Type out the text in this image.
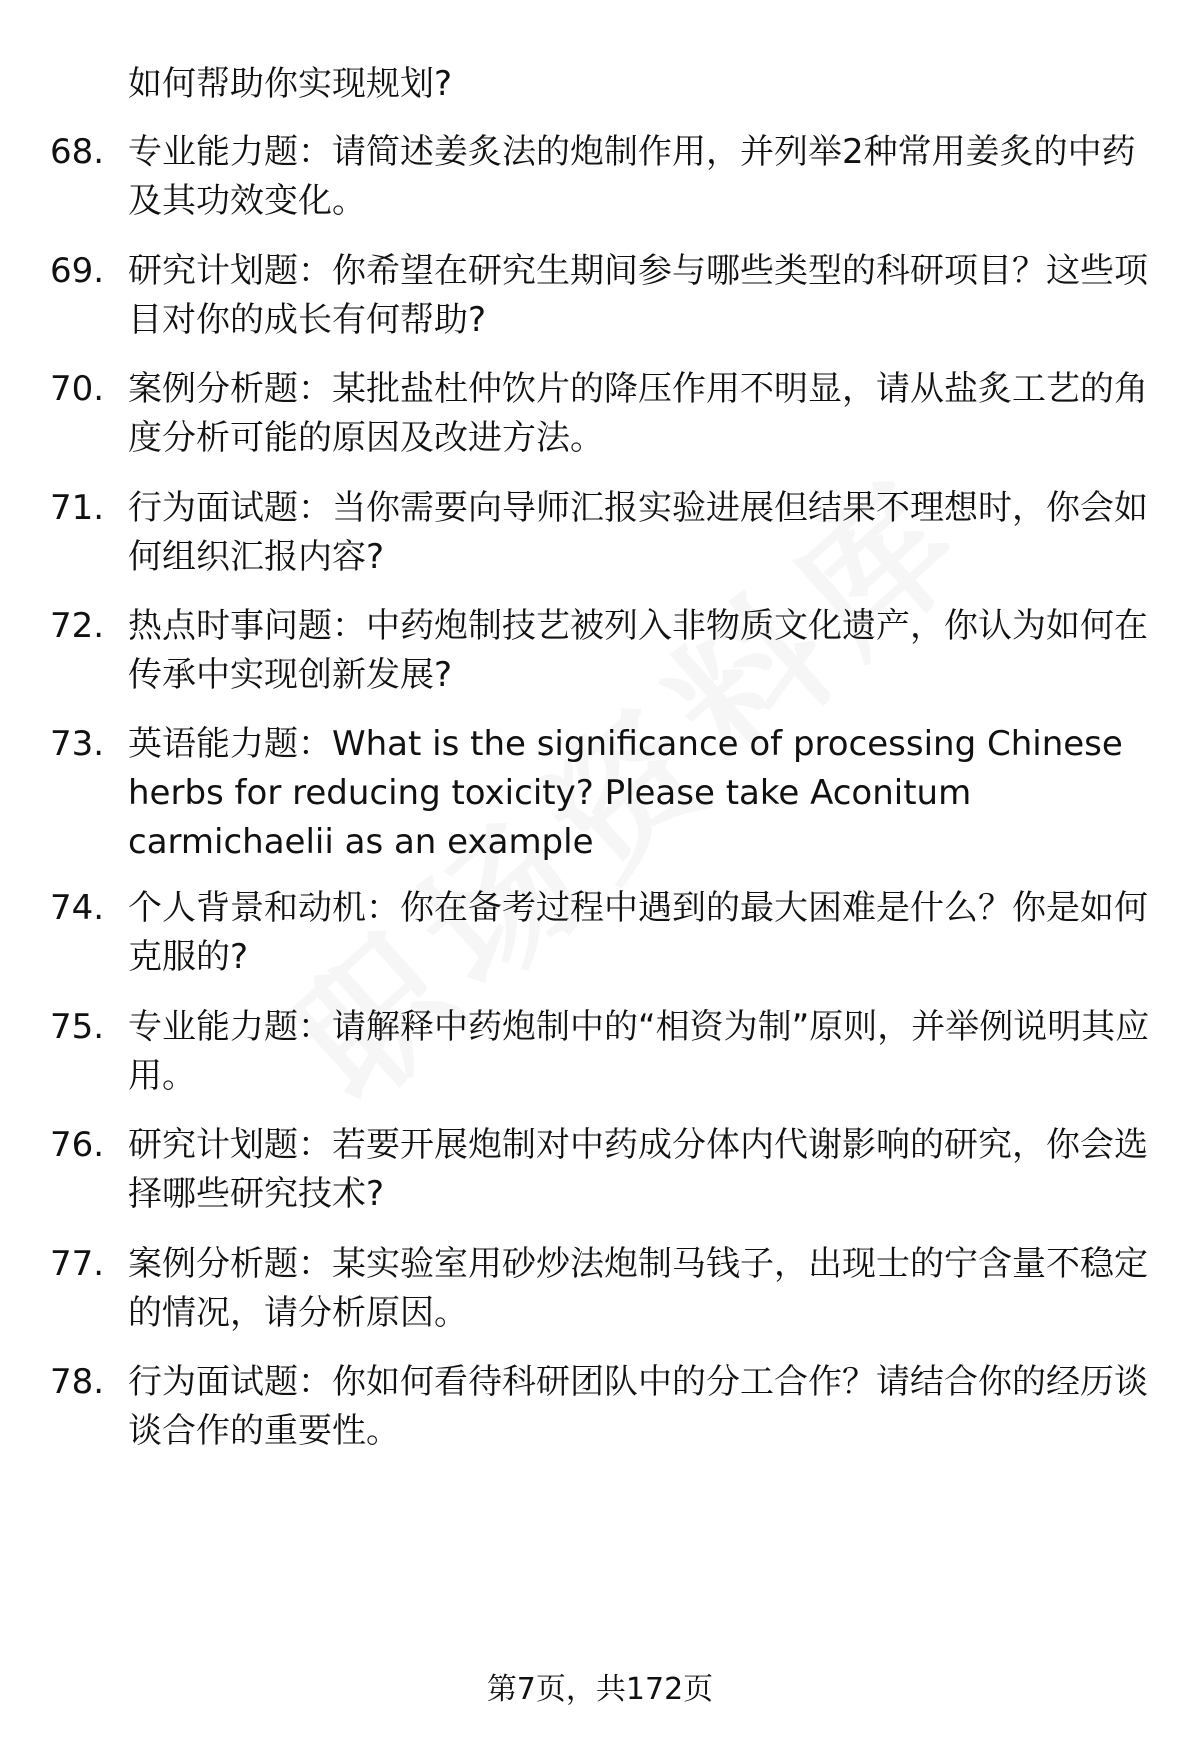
如何帮助你实现规划?
68. 专业能力题：请简述姜炙法的炮制作用，并列举2种常用姜炙的中药及其功效变化。
69. 研究计划题：你希望在研究生期间参与哪些类型的科研项目？这些项目对你的成长有何帮助?
70. 案例分析题：某批盐杜仲饮片的降压作用不明显，请从盐炙工艺的角度分析可能的原因及改进方法。
71. 行为面试题：当你需要向导师汇报实验进展但结果不理想时，你会如何组织汇报内容?
72. 热点时事问题：中药炮制技艺被列入非物质文化遗产，你认为如何在传承中实现创新发展?
73. 英语能力题：What is the significance of processing Chinese herbs for reducing toxicity? Please take Aconitum carmichaelii as an example
74. 个人背景和动机：你在备考过程中遇到的最大困难是什么？你是如何克服的?
75. 专业能力题：请解释中药炮制中的“相资为制”原则，并举例说明其应用。
76. 研究计划题：若要开展炮制对中药成分体内代谢影响的研究，你会选择哪些研究技术?
77. 案例分析题：某实验室用砂炒法炮制马钱子，出现士的宁含量不稳定的情况，请分析原因。
78. 行为面试题：你如何看待科研团队中的分工合作？请结合你的经历谈谈合作的重要性。
第7页，共172页
